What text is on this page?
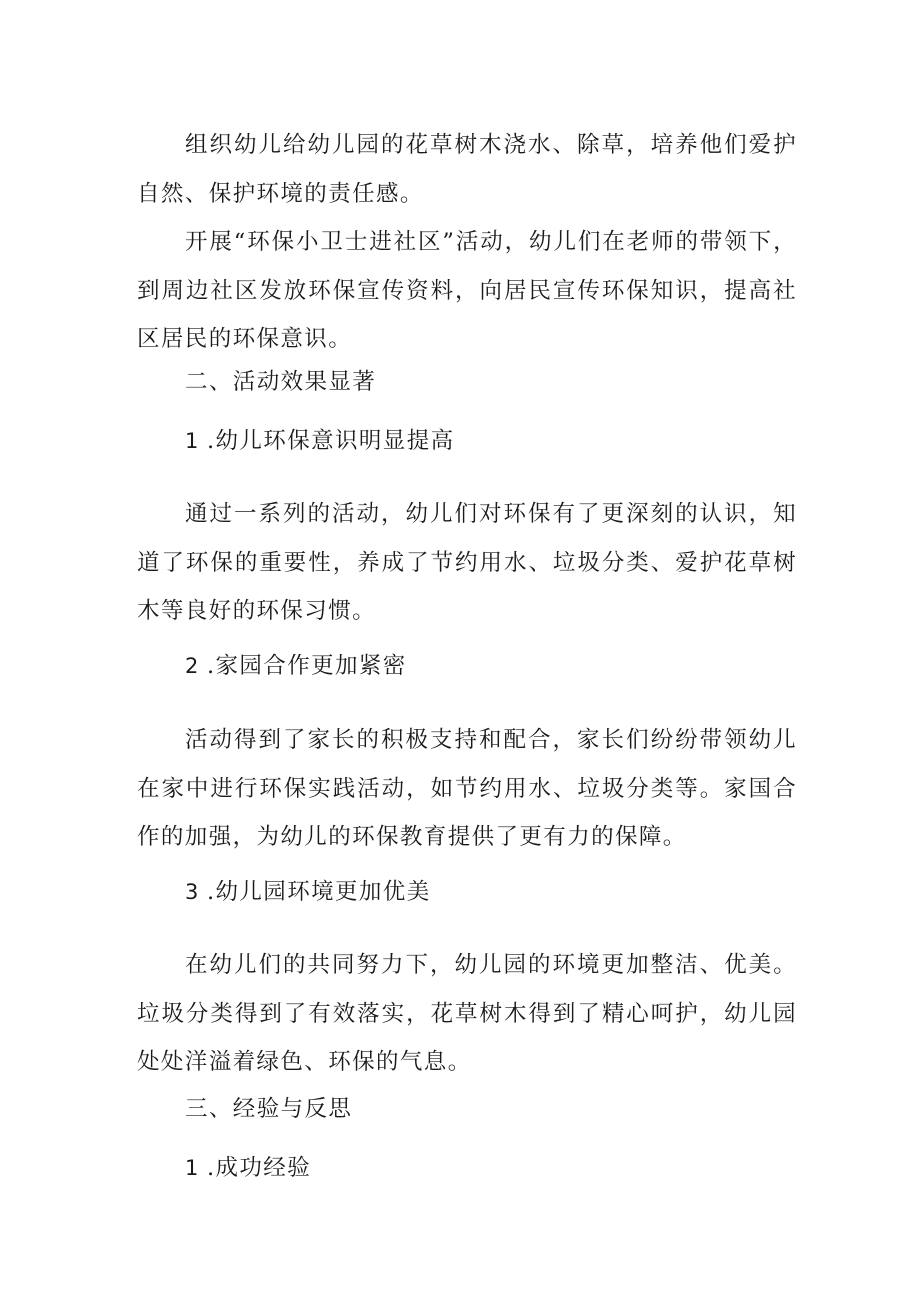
组织幼儿给幼儿园的花草树木浇水、除草，培养他们爱护自然、保护环境的责任感。

开展“环保小卫士进社区”活动，幼儿们在老师的带领下，到周边社区发放环保宣传资料，向居民宣传环保知识，提高社区居民的环保意识。

二、活动效果显著

1 .幼儿环保意识明显提高

通过一系列的活动，幼儿们对环保有了更深刻的认识，知道了环保的重要性，养成了节约用水、垃圾分类、爱护花草树木等良好的环保习惯。

2 .家园合作更加紧密

活动得到了家长的积极支持和配合，家长们纷纷带领幼儿在家中进行环保实践活动，如节约用水、垃圾分类等。家国合作的加强，为幼儿的环保教育提供了更有力的保障。

3 .幼儿园环境更加优美

在幼儿们的共同努力下，幼儿园的环境更加整洁、优美。垃圾分类得到了有效落实，花草树木得到了精心呵护，幼儿园处处洋溢着绿色、环保的气息。

三、经验与反思

1 .成功经验
